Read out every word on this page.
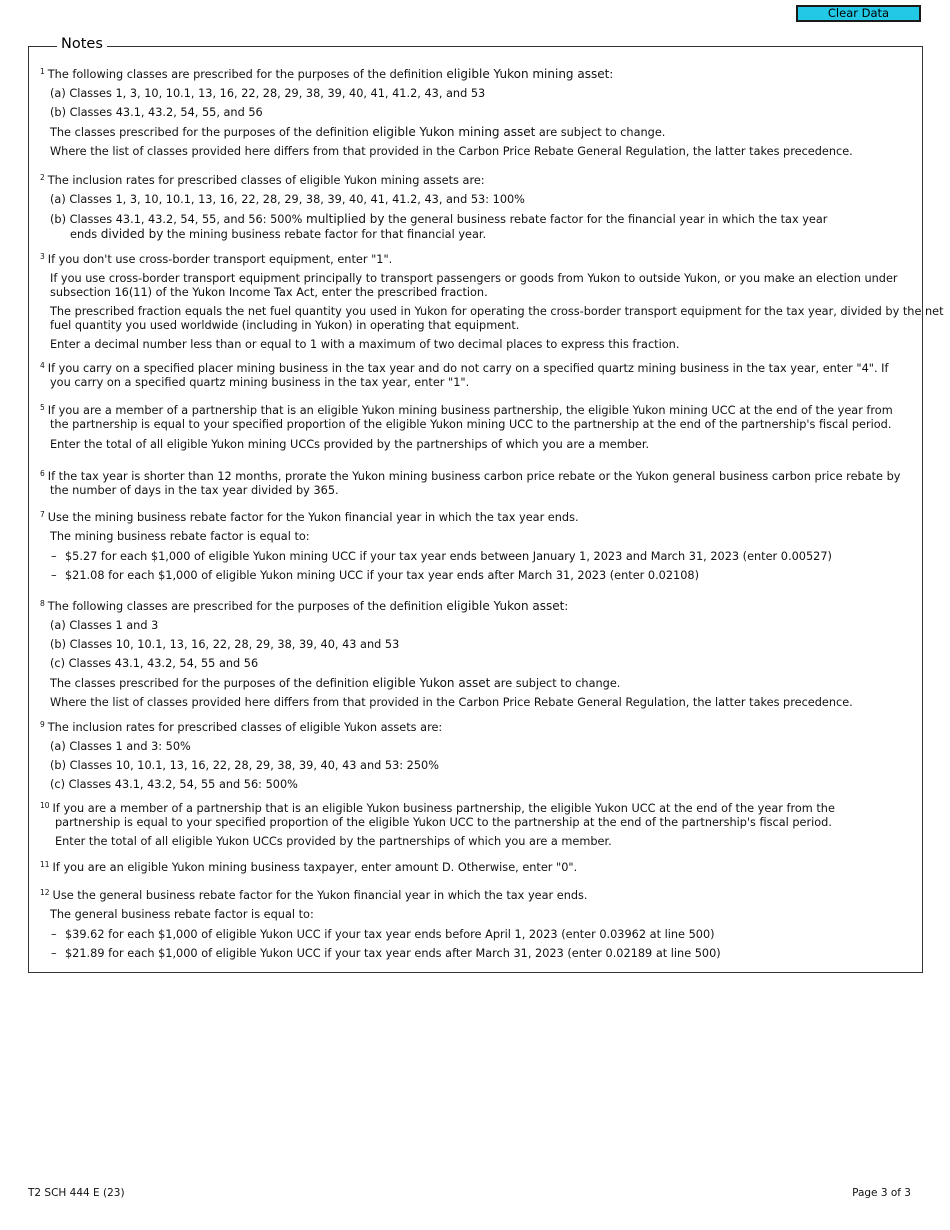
Clear Data
Notes
$^1$ The following classes are prescribed for the purposes of the definition eligible Yukon mining asset:
(a) Classes 1, 3, 10, 10.1, 13, 16, 22, 28, 29, 38, 39, 40, 41, 41.2, 43, and 53
(b) Classes 43.1, 43.2, 54, 55, and 56
The classes prescribed for the purposes of the definition eligible Yukon mining asset are subject to change.
Where the list of classes provided here differs from that provided in the Carbon Price Rebate General Regulation, the latter takes precedence.
$^2$ The inclusion rates for prescribed classes of eligible Yukon mining assets are:
(a) Classes 1, 3, 10, 10.1, 13, 16, 22, 28, 29, 38, 39, 40, 41, 41.2, 43, and 53: 100%
(b) Classes 43.1, 43.2, 54, 55, and 56: 500% multiplied by the general business rebate factor for the financial year in which the tax year
ends divided by the mining business rebate factor for that financial year.
$^3$ If you don't use cross-border transport equipment, enter "1".
If you use cross-border transport equipment principally to transport passengers or goods from Yukon to outside Yukon, or you make an election under
subsection 16(11) of the Yukon Income Tax Act, enter the prescribed fraction.
The prescribed fraction equals the net fuel quantity you used in Yukon for operating the cross-border transport equipment for the tax year, divided by the net
fuel quantity you used worldwide (including in Yukon) in operating that equipment.
Enter a decimal number less than or equal to 1 with a maximum of two decimal places to express this fraction.
$^4$ If you carry on a specified placer mining business in the tax year and do not carry on a specified quartz mining business in the tax year, enter "4". If
you carry on a specified quartz mining business in the tax year, enter "1".
$^5$ If you are a member of a partnership that is an eligible Yukon mining business partnership, the eligible Yukon mining UCC at the end of the year from
the partnership is equal to your specified proportion of the eligible Yukon mining UCC to the partnership at the end of the partnership's fiscal period.
Enter the total of all eligible Yukon mining UCCs provided by the partnerships of which you are a member.
$^6$ If the tax year is shorter than 12 months, prorate the Yukon mining business carbon price rebate or the Yukon general business carbon price rebate by
the number of days in the tax year divided by 365.
$^7$ Use the mining business rebate factor for the Yukon financial year in which the tax year ends.
The mining business rebate factor is equal to:
– $5.27 for each $1,000 of eligible Yukon mining UCC if your tax year ends between January 1, 2023 and March 31, 2023 (enter 0.00527)
– $21.08 for each $1,000 of eligible Yukon mining UCC if your tax year ends after March 31, 2023 (enter 0.02108)
$^8$ The following classes are prescribed for the purposes of the definition eligible Yukon asset:
(a) Classes 1 and 3
(b) Classes 10, 10.1, 13, 16, 22, 28, 29, 38, 39, 40, 43 and 53
(c) Classes 43.1, 43.2, 54, 55 and 56
The classes prescribed for the purposes of the definition eligible Yukon asset are subject to change.
Where the list of classes provided here differs from that provided in the Carbon Price Rebate General Regulation, the latter takes precedence.
$^9$ The inclusion rates for prescribed classes of eligible Yukon assets are:
(a) Classes 1 and 3: 50%
(b) Classes 10, 10.1, 13, 16, 22, 28, 29, 38, 39, 40, 43 and 53: 250%
(c) Classes 43.1, 43.2, 54, 55 and 56: 500%
$^{10}$ If you are a member of a partnership that is an eligible Yukon business partnership, the eligible Yukon UCC at the end of the year from the
partnership is equal to your specified proportion of the eligible Yukon UCC to the partnership at the end of the partnership's fiscal period.
Enter the total of all eligible Yukon UCCs provided by the partnerships of which you are a member.
$^{11}$ If you are an eligible Yukon mining business taxpayer, enter amount D. Otherwise, enter "0".
$^{12}$ Use the general business rebate factor for the Yukon financial year in which the tax year ends.
The general business rebate factor is equal to:
– $39.62 for each $1,000 of eligible Yukon UCC if your tax year ends before April 1, 2023 (enter 0.03962 at line 500)
– $21.89 for each $1,000 of eligible Yukon UCC if your tax year ends after March 31, 2023 (enter 0.02189 at line 500)
T2 SCH 444 E (23)	Page 3 of 3
